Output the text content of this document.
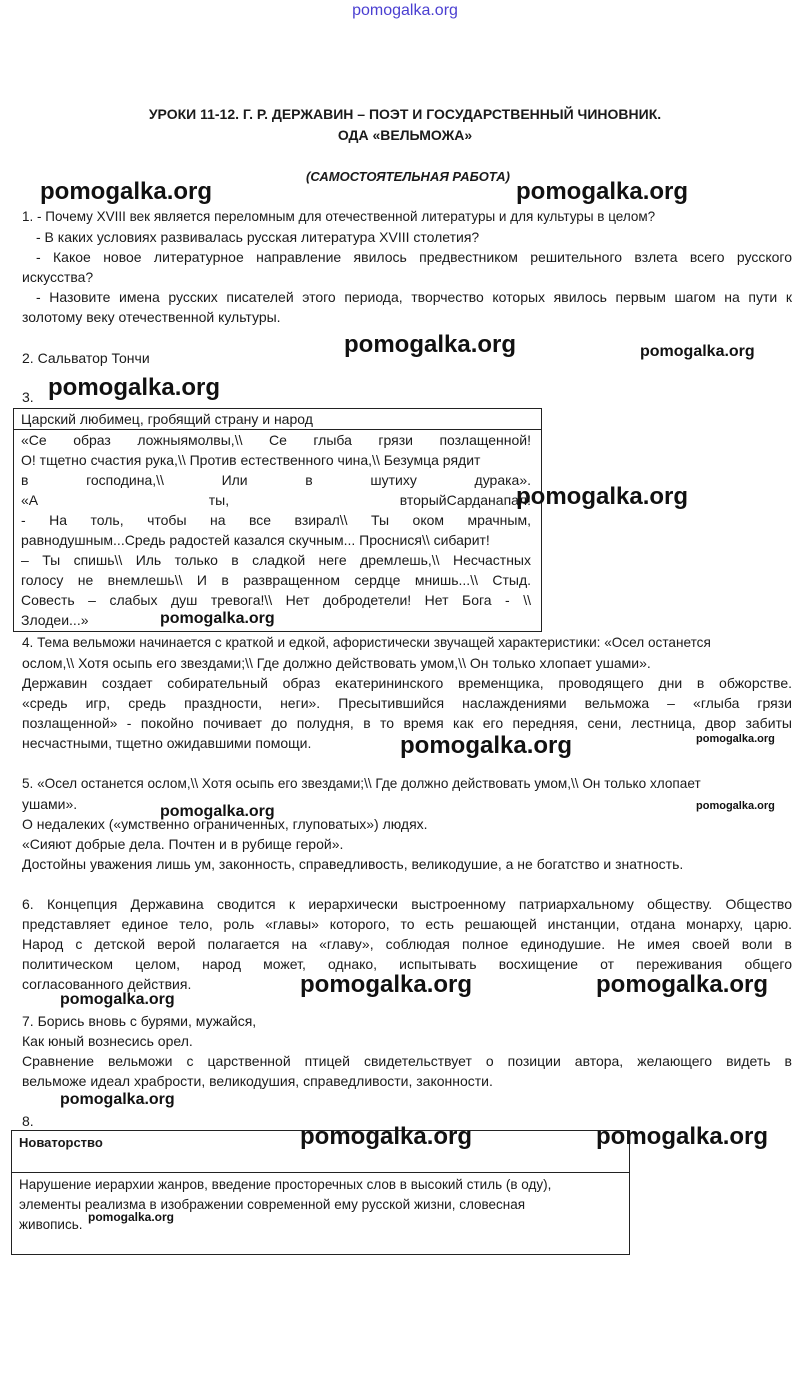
pomogalka.org
УРОКИ 11-12. Г. Р. ДЕРЖАВИН – ПОЭТ И ГОСУДАРСТВЕННЫЙ ЧИНОВНИК.
ОДА «ВЕЛЬМОЖА»
(САМОСТОЯТЕЛЬНАЯ РАБОТА)
1. - Почему XVIII век является переломным для отечественной литературы и для культуры в целом?
- В каких условиях развивалась русская литература XVIII столетия?
- Какое новое литературное направление явилось предвестником решительного взлета всего русского
искусства?
- Назовите имена русских писателей этого периода, творчество которых явилось первым шагом на пути к
золотому веку отечественной культуры.
2. Сальватор Тончи
3.
Царский любимец, гробящий страну и народ
«Се образ ложныямолвы,\\ Се глыба грязи позлащенной!
О! тщетно счастия рука,\\ Против естественного чина,\\ Безумца рядит
в господина,\\ Или в шутиху дурака».
«А ты, вторыйСарданапал!
- На толь, чтобы на все взирал\\ Ты оком мрачным,
равнодушным...Средь радостей казался скучным... Проснися\\ сибарит!
– Ты спишь\\ Иль только в сладкой неге дремлешь,\\ Несчастных
голосу не внемлешь\\ И в развращенном сердце мнишь...\\ Стыд.
Совесть – слабых душ тревога!\\ Нет добродетели! Нет Бога - \\
Злодеи...»
4. Тема вельможи начинается с краткой и едкой, афористически звучащей характеристики: «Осел останется
ослом,\\ Хотя осыпь его звездами;\\ Где должно действовать умом,\\ Он только хлопает ушами».
Державин создает собирательный образ екатерининского временщика, проводящего дни в обжорстве.
«средь игр, средь праздности, неги». Пресытившийся наслаждениями вельможа – «глыба грязи
позлащенной» - покойно почивает до полудня, в то время как его передняя, сени, лестница, двор забиты
несчастными, тщетно ожидавшими помощи.
5. «Осел останется ослом,\\ Хотя осыпь его звездами;\\ Где должно действовать умом,\\ Он только хлопает
ушами».
О недалеких («умственно ограниченных, глуповатых») людях.
«Сияют добрые дела. Почтен и в рубище герой».
Достойны уважения лишь ум, законность, справедливость, великодушие, а не богатство и знатность.
6. Концепция Державина сводится к иерархически выстроенному патриархальному обществу. Общество
представляет единое тело, роль «главы» которого, то есть решающей инстанции, отдана монарху, царю.
Народ с детской верой полагается на «главу», соблюдая полное единодушие. Не имея своей воли в
политическом целом, народ может, однако, испытывать восхищение от переживания общего
согласованного действия.
7. Борись вновь с бурями, мужайся,
Как юный вознесись орел.
Сравнение вельможи с царственной птицей свидетельствует о позиции автора, желающего видеть в
вельможе идеал храбрости, великодушия, справедливости, законности.
8.
Новаторство
Нарушение иерархии жанров, введение просторечных слов в высокий стиль (в оду),
элементы реализма в изображении современной ему русской жизни, словесная
живопись.
pomogalka.org	pomogalka.org
pomogalka.org	pomogalka.org
pomogalka.org
pomogalka.org
pomogalka.org
pomogalka.org	pomogalka.org
pomogalka.org	pomogalka.org
pomogalka.org	pomogalka.org
pomogalka.org
pomogalka.org
pomogalka.org	pomogalka.org
pomogalka.org
